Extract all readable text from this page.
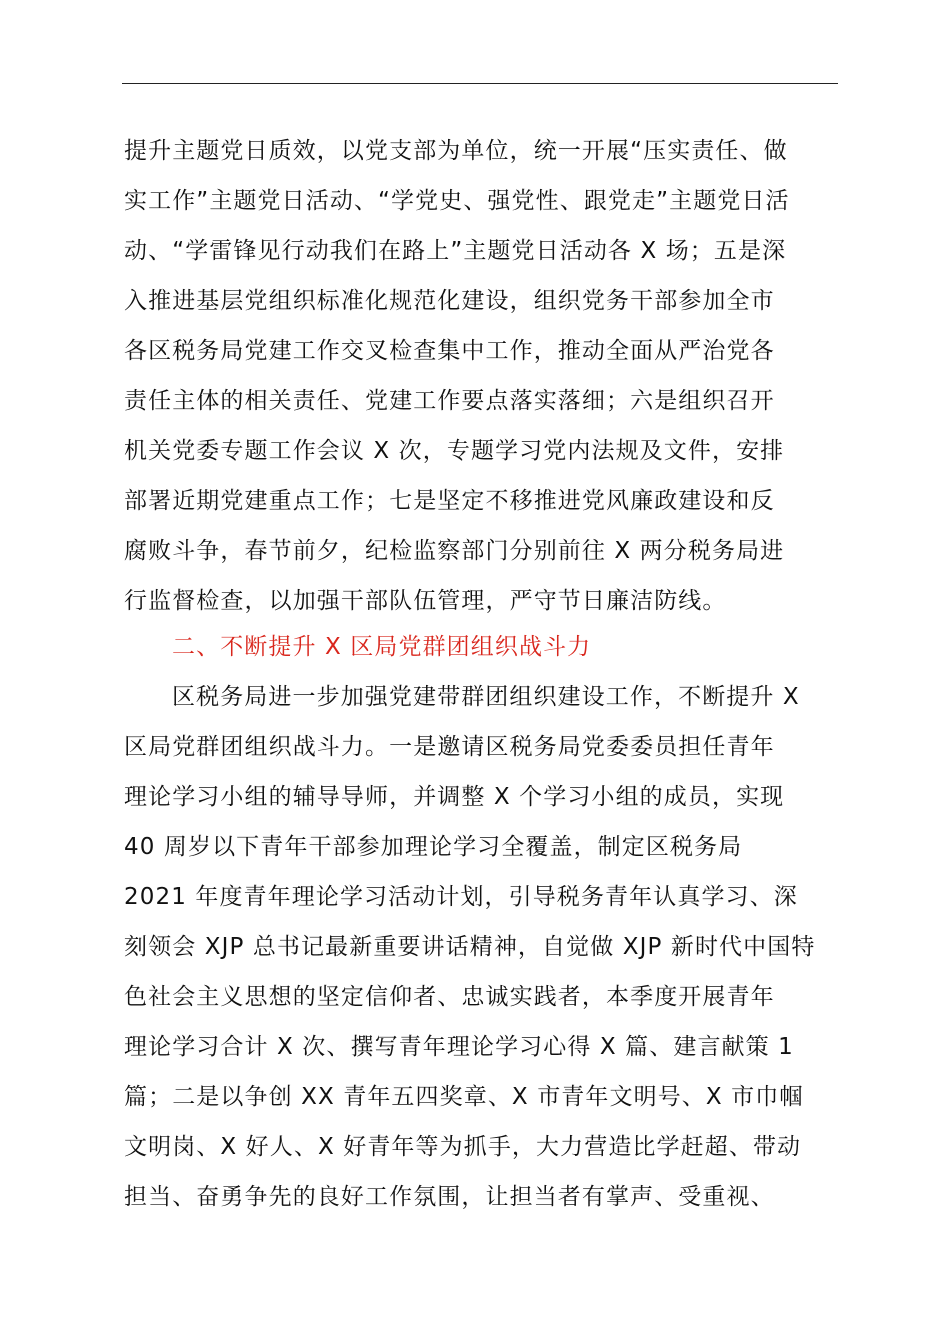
提升主题党日质效，以党支部为单位，统一开展“压实责任、做
实工作”主题党日活动、“学党史、强党性、跟党走”主题党日活
动、“学雷锋见行动我们在路上”主题党日活动各 X 场；五是深
入推进基层党组织标准化规范化建设，组织党务干部参加全市
各区税务局党建工作交叉检查集中工作，推动全面从严治党各
责任主体的相关责任、党建工作要点落实落细；六是组织召开
机关党委专题工作会议 X 次，专题学习党内法规及文件，安排
部署近期党建重点工作；七是坚定不移推进党风廉政建设和反
腐败斗争，春节前夕，纪检监察部门分别前往 X 两分税务局进
行监督检查，以加强干部队伍管理，严守节日廉洁防线。
二、不断提升 X 区局党群团组织战斗力
区税务局进一步加强党建带群团组织建设工作，不断提升 X
区局党群团组织战斗力。一是邀请区税务局党委委员担任青年
理论学习小组的辅导导师，并调整 X 个学习小组的成员，实现
40 周岁以下青年干部参加理论学习全覆盖，制定区税务局
2021 年度青年理论学习活动计划，引导税务青年认真学习、深
刻领会 XJP 总书记最新重要讲话精神，自觉做 XJP 新时代中国特
色社会主义思想的坚定信仰者、忠诚实践者，本季度开展青年
理论学习合计 X 次、撰写青年理论学习心得 X 篇、建言献策 1
篇；二是以争创 XX 青年五四奖章、X 市青年文明号、X 市巾帼
文明岗、X 好人、X 好青年等为抓手，大力营造比学赶超、带动
担当、奋勇争先的良好工作氛围，让担当者有掌声、受重视、
